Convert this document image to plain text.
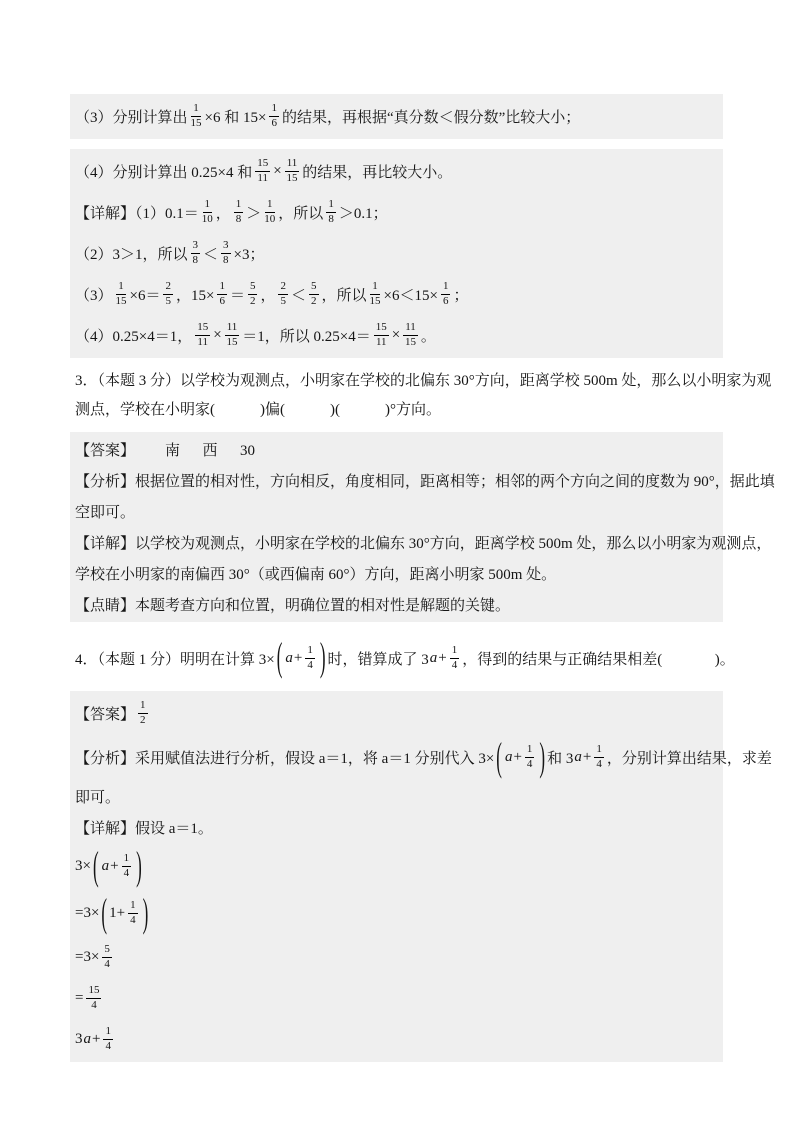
（3）分别计算出 $\frac{1}{15} \times 6$ 和 $15\times \frac{1}{6}$ 的结果，再根据“真分数＜假分数”比较大小；
（4）分别计算出 0.25×4 和 $\frac{15}{11} \times \frac{11}{15}$ 的结果，再比较大小。
【详解】$(1)0.1= \frac{1}{10}$ ， $\frac{1}{8} > \frac{1}{10}$ ，所以 $\frac{1}{8} >0.1$；
（2）3＞1，所以 $\frac{3}{8} < \frac{3}{8} \times 3$；
$(3) \frac{1}{15} \times 6= \frac{2}{5}$ ，$15\times \frac{1}{6} = \frac{5}{2}$ ， $\frac{2}{5} < \frac{5}{2}$ ，所以 $\frac{1}{15} \times 6<15\times \frac{1}{6}$ ；
（4）0.25×4＝1， $\frac{15}{11} \times \frac{11}{15} =1$，所以 $0.25\times 4= \frac{15}{11} \times \frac{11}{15}$ 。
3．（本题 3 分）以学校为观测点，小明家在学校的北偏东 30°方向，距离学校 500m 处，那么以小明家为观
测点，学校在小明家(            )偏(            )(            )°方向。
【答案】        南      西      30
【分析】根据位置的相对性，方向相反，角度相同，距离相等；相邻的两个方向之间的度数为 90°，据此填
空即可。
【详解】以学校为观测点，小明家在学校的北偏东 30°方向，距离学校 500m 处，那么以小明家为观测点，
学校在小明家的南偏西 30°（或西偏南 60°）方向，距离小明家 500m 处。
【点睛】本题考查方向和位置，明确位置的相对性是解题的关键。
4．（本题 1 分）明明在计算 3× ( $a + \frac{1}{4}$ ) 时，错算成了 3 $a + \frac{1}{4}$ ，得到的结果与正确结果相差(              )。
【答案】 $\frac{1}{2}$
【分析】采用赋值法进行分析，假设 a＝1，将 a＝1 分别代入 3× ( $a + \frac{1}{4}$ ) 和 3 $a + \frac{1}{4}$ ，分别计算出结果，求差
即可。
【详解】假设 a＝1。
3× ( $a + \frac{1}{4}$ )
=3× ( $1+ \frac{1}{4}$ )
$=3\times \frac{5}{4}$
= $\frac{15}{4}$
3 $a + \frac{1}{4}$
